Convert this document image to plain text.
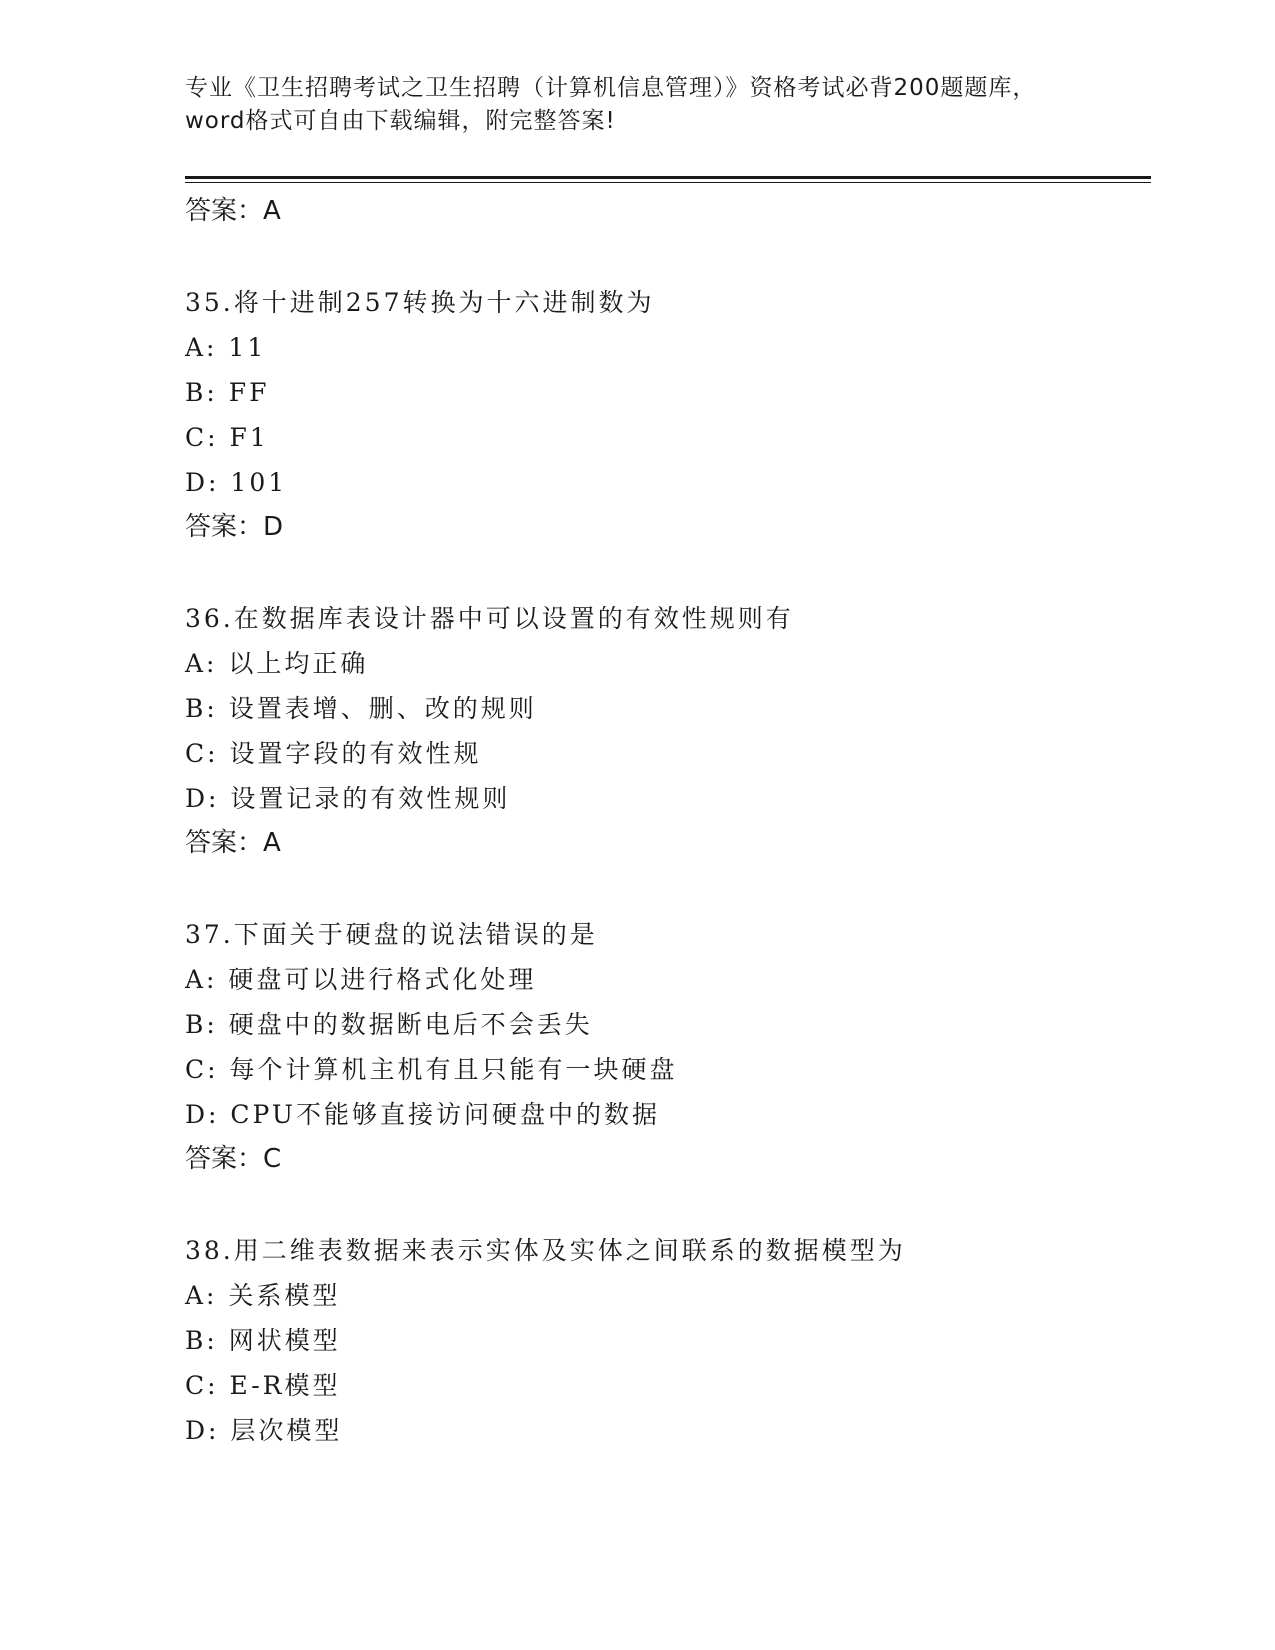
专业《卫生招聘考试之卫生招聘（计算机信息管理）》资格考试必背200题题库，
word格式可自由下载编辑，附完整答案!
答案：A
35.将十进制257转换为十六进制数为
A: 11
B: FF
C: F1
D: 101
答案：D
36.在数据库表设计器中可以设置的有效性规则有
A: 以上均正确
B: 设置表增、删、改的规则
C: 设置字段的有效性规
D: 设置记录的有效性规则
答案：A
37.下面关于硬盘的说法错误的是
A: 硬盘可以进行格式化处理
B: 硬盘中的数据断电后不会丢失
C: 每个计算机主机有且只能有一块硬盘
D: CPU不能够直接访问硬盘中的数据
答案：C
38.用二维表数据来表示实体及实体之间联系的数据模型为
A: 关系模型
B: 网状模型
C: E-R模型
D: 层次模型
